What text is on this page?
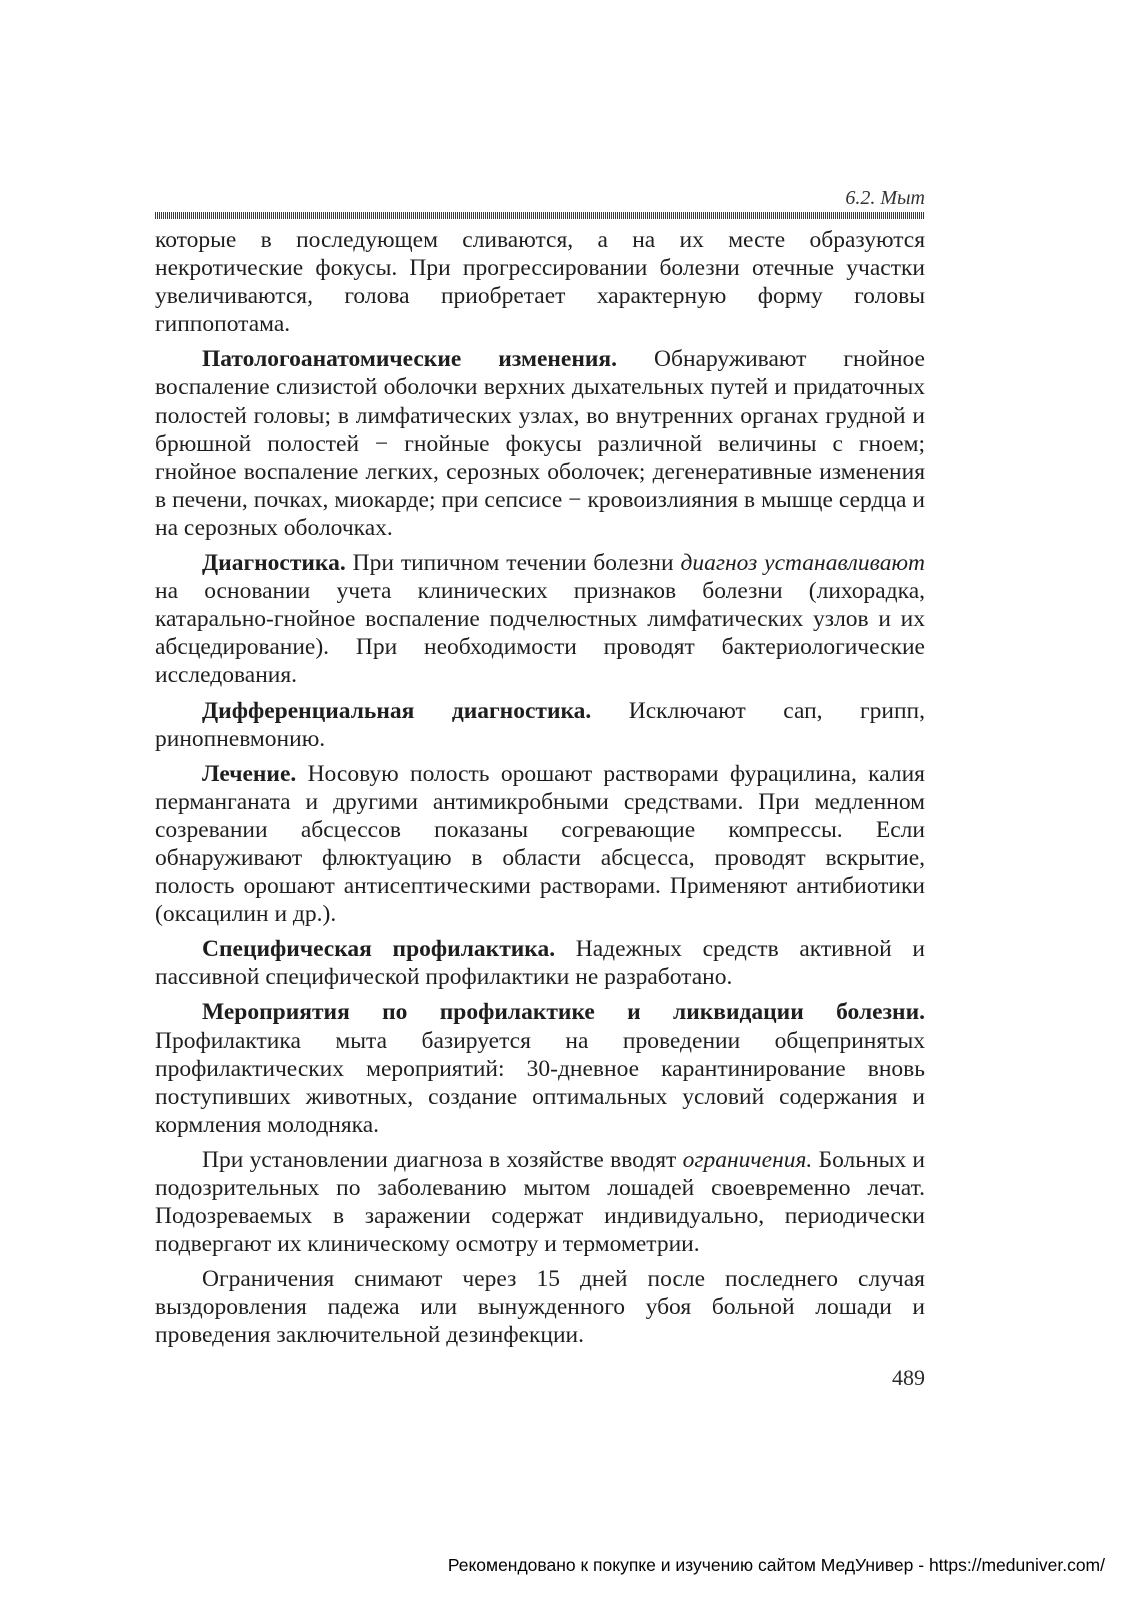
6.2. Мыт

которые в последующем сливаются, а на их месте образуются некротические фокусы. При прогрессировании болезни отечные участки увеличиваются, голова приобретает характерную форму головы гиппопотама.

Патологоанатомические изменения. Обнаруживают гнойное воспаление слизистой оболочки верхних дыхательных путей и придаточных полостей головы; в лимфатических узлах, во внутренних органах грудной и брюшной полостей − гнойные фокусы различной величины с гноем; гнойное воспаление легких, серозных оболочек; дегенеративные изменения в печени, почках, миокарде; при сепсисе − кровоизлияния в мышце сердца и на серозных оболочках.

Диагностика. При типичном течении болезни диагноз устанавливают на основании учета клинических признаков болезни (лихорадка, катарально-гнойное воспаление подчелюстных лимфатических узлов и их абсцедирование). При необходимости проводят бактериологические исследования.

Дифференциальная диагностика. Исключают сап, грипп, ринопневмонию.

Лечение. Носовую полость орошают растворами фурацилина, калия перманганата и другими антимикробными средствами. При медленном созревании абсцессов показаны согревающие компрессы. Если обнаруживают флюктуацию в области абсцесса, проводят вскрытие, полость орошают антисептическими растворами. Применяют антибиотики (оксацилин и др.).

Специфическая профилактика. Надежных средств активной и пассивной специфической профилактики не разработано.

Мероприятия по профилактике и ликвидации болезни. Профилактика мыта базируется на проведении общепринятых профилактических мероприятий: 30-дневное карантинирование вновь поступивших животных, создание оптимальных условий содержания и кормления молодняка.

При установлении диагноза в хозяйстве вводят ограничения. Больных и подозрительных по заболеванию мытом лошадей своевременно лечат. Подозреваемых в заражении содержат индивидуально, периодически подвергают их клиническому осмотру и термометрии.

Ограничения снимают через 15 дней после последнего случая выздоровления падежа или вынужденного убоя больной лошади и проведения заключительной дезинфекции.

489
Рекомендовано к покупке и изучению сайтом МедУнивер - https://meduniver.com/
